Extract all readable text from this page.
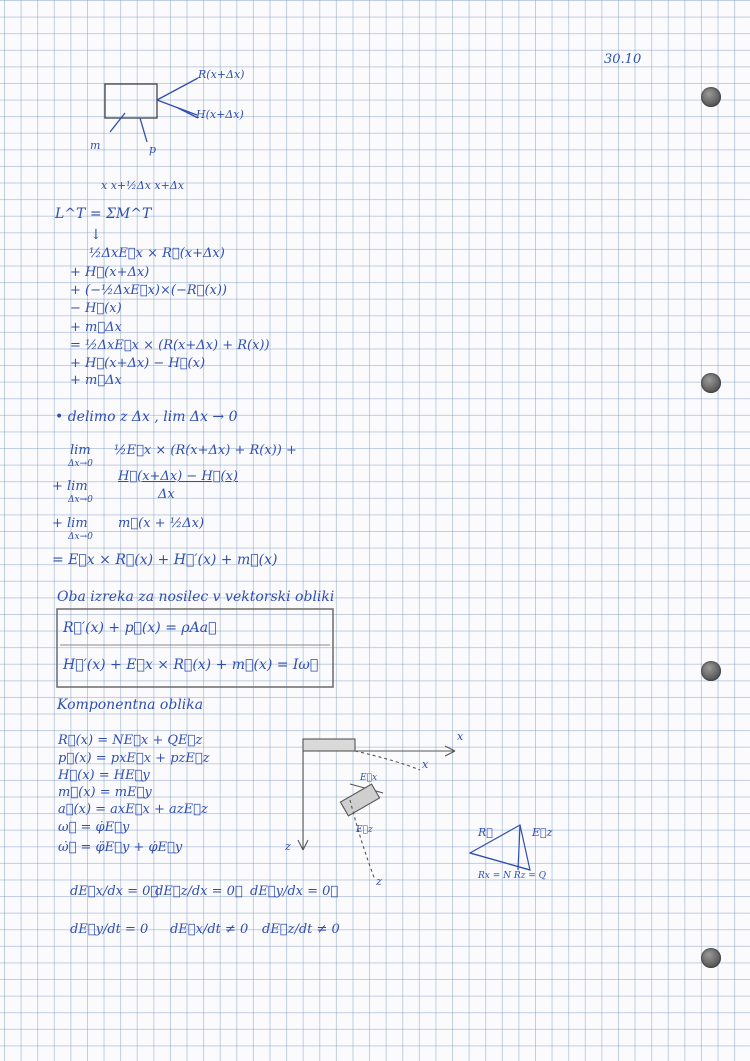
30.10
R(x+Δx)
H(x+Δx)
m	p
x x+½Δx x+Δx
L^T = ΣM^T
↓
½ΔxE⃗x × R⃗(x+Δx)
+ H⃗(x+Δx)
+ (−½ΔxE⃗x)×(−R⃗(x))
− H⃗(x)
+ m⃗Δx
= ½ΔxE⃗x × (R(x+Δx) + R(x))
+ H⃗(x+Δx) − H⃗(x)
+ m⃗Δx
• delimo z Δx , lim Δx → 0
lim
Δx→0
½E⃗x × (R(x+Δx) + R(x)) +
+ lim
Δx→0
H⃗(x+Δx) − H⃗(x)
Δx
+ lim
Δx→0
m⃗(x + ½Δx)
= E⃗x × R⃗(x) + H⃗′(x) + m⃗(x)
Oba izreka za nosilec v vektorski obliki
R⃗′(x) + p⃗(x) = ρAa⃗
H⃗′(x) + E⃗x × R⃗(x) + m⃗(x) = Iω⃗
Komponentna oblika
R⃗(x) = NE⃗x + QE⃗z
p⃗(x) = pxE⃗x + pzE⃗z
H⃗(x) = HE⃗y
m⃗(x) = mE⃗y
a⃗(x) = axE⃗x + azE⃗z
ω⃗ = φ̇E⃗y
ω̇⃗ = φ̈E⃗y + φ̇E⃗y
dE⃗x/dx = 0⃗
dE⃗z/dx = 0⃗ dE⃗y/dx = 0⃗
dE⃗y/dt = 0 dE⃗x/dt ≠ 0 dE⃗z/dt ≠ 0
x
x
z
z
E⃗x
E⃗z	R⃗	E⃗z
Rx = N Rz = Q
